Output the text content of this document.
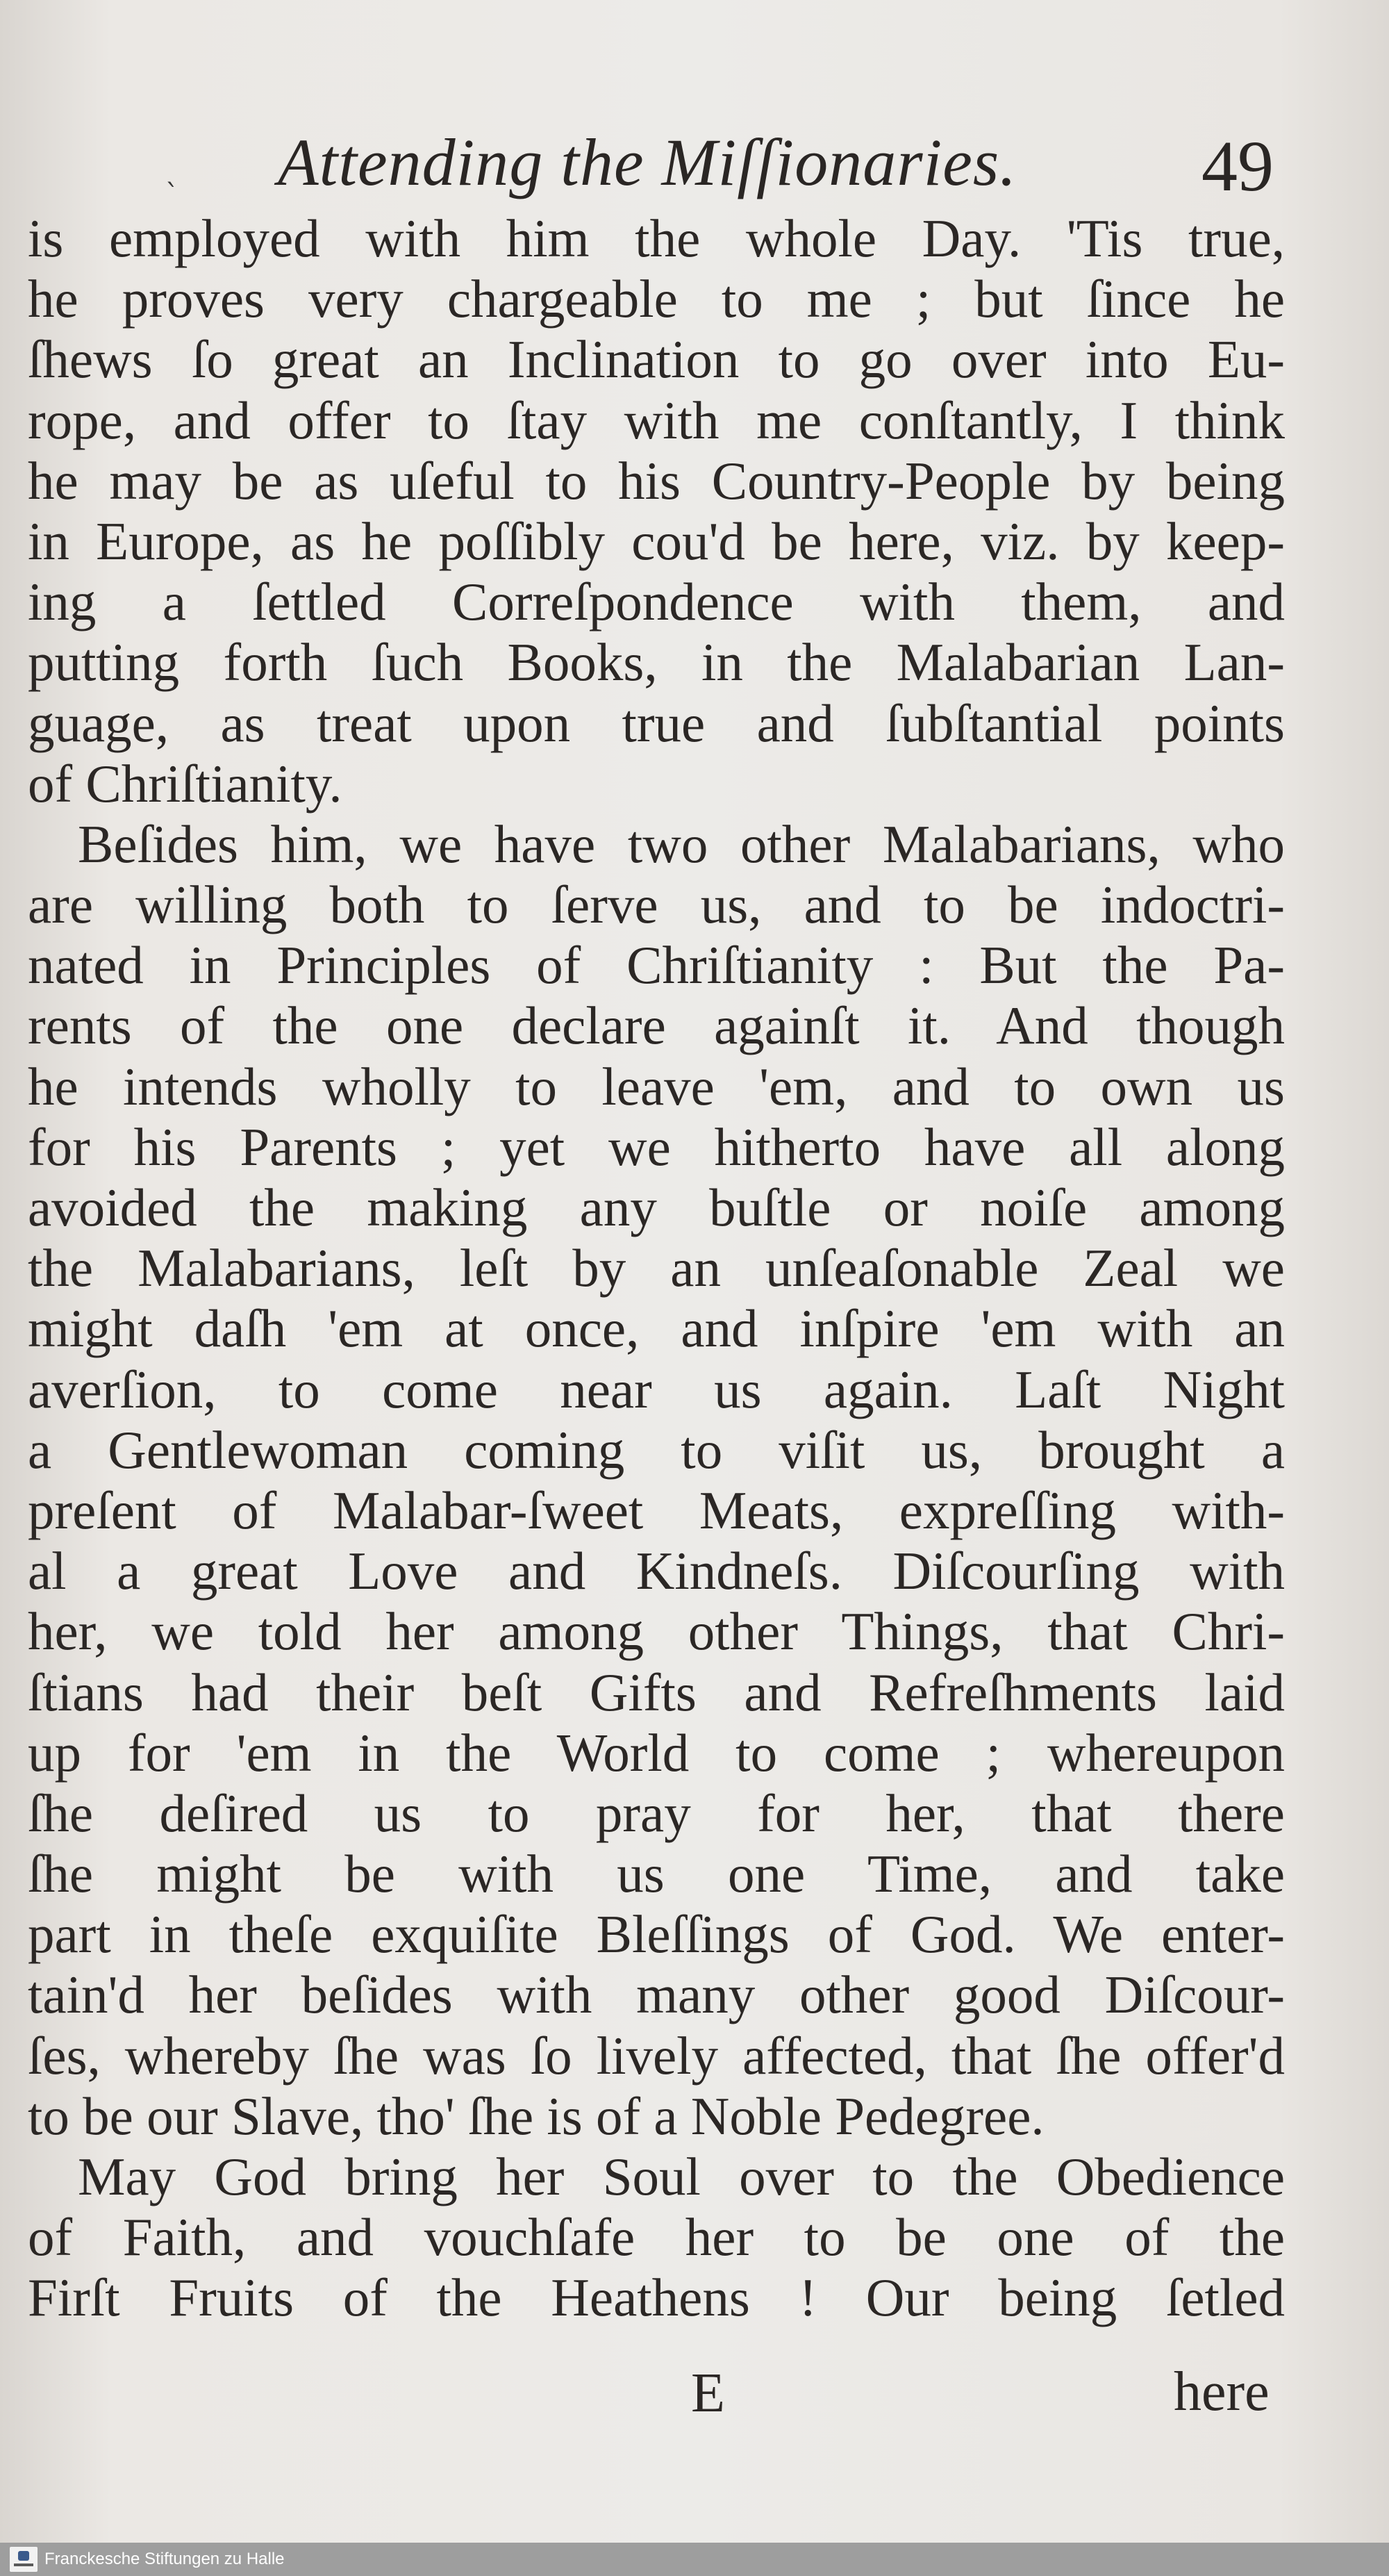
ˋ Attending the Miſſionaries.	49
is employed with him the whole Day. 'Tis true,
he proves very chargeable to me ; but ſince he
ſhews ſo great an Inclination to go over into Eu-
rope, and offer to ſtay with me conſtantly, I think
he may be as uſeful to his Country-People by being
in Europe, as he poſſibly cou'd be here, viz. by keep-
ing a ſettled Correſpondence with them, and
putting forth ſuch Books, in the Malabarian Lan-
guage, as treat upon true and ſubſtantial points
of Chriſtianity.
Beſides him, we have two other Malabarians, who
are willing both to ſerve us, and to be indoctri-
nated in Principles of Chriſtianity : But the Pa-
rents of the one declare againſt it. And though
he intends wholly to leave 'em, and to own us
for his Parents ; yet we hitherto have all along
avoided the making any buſtle or noiſe among
the Malabarians, leſt by an unſeaſonable Zeal we
might daſh 'em at once, and inſpire 'em with an
averſion, to come near us again. Laſt Night
a Gentlewoman coming to viſit us, brought a
preſent of Malabar-ſweet Meats, expreſſing with-
al a great Love and Kindneſs. Diſcourſing with
her, we told her among other Things, that Chri-
ſtians had their beſt Gifts and Refreſhments laid
up for 'em in the World to come ; whereupon
ſhe deſired us to pray for her, that there
ſhe might be with us one Time, and take
part in theſe exquiſite Bleſſings of God. We enter-
tain'd her beſides with many other good Diſcour-
ſes, whereby ſhe was ſo lively affected, that ſhe offer'd
to be our Slave, tho' ſhe is of a Noble Pedegree.
May God bring her Soul over to the Obedience
of Faith, and vouchſafe her to be one of the
Firſt Fruits of the Heathens ! Our being ſetled
E	here
Franckesche Stiftungen zu Halle
